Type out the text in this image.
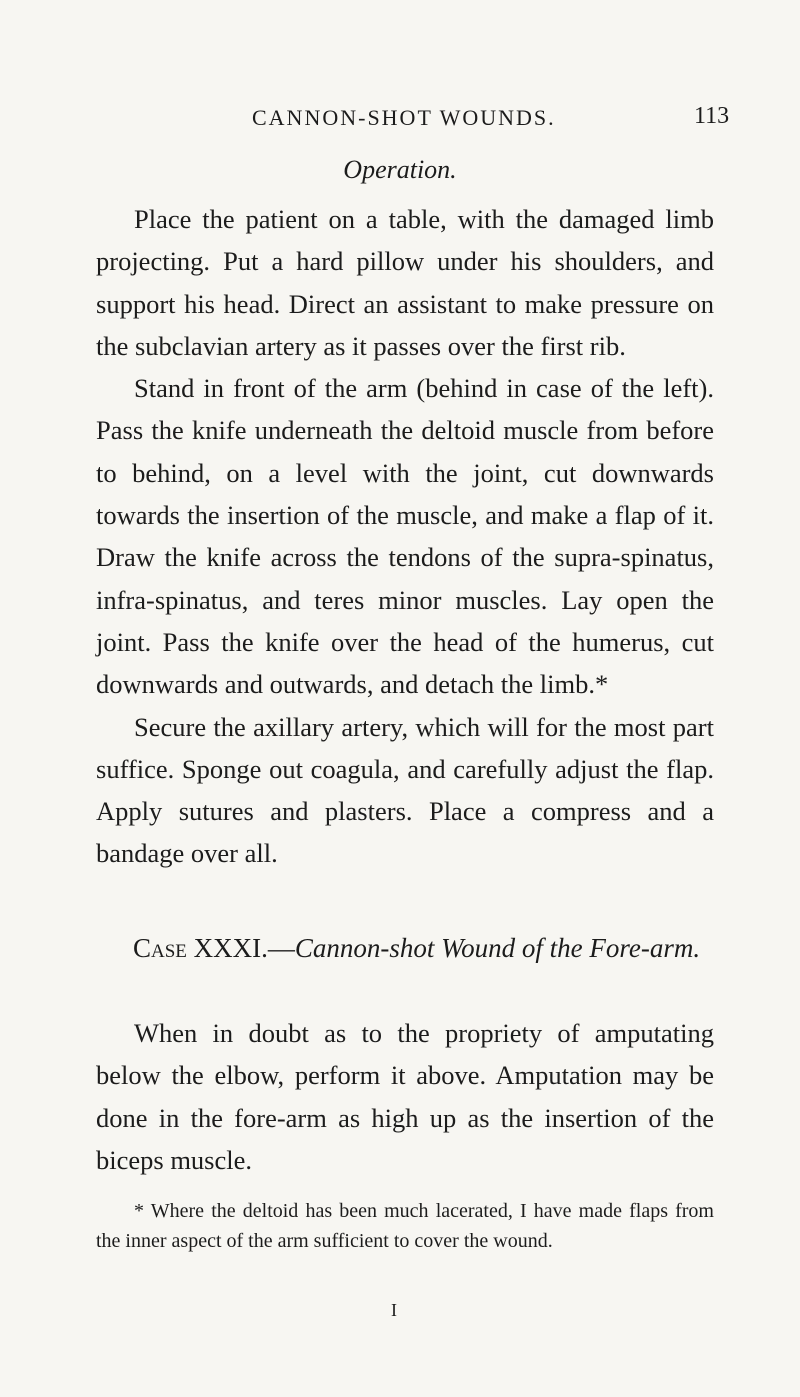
CANNON-SHOT WOUNDS.	113
Operation.

Place the patient on a table, with the damaged limb projecting. Put a hard pillow under his shoulders, and support his head. Direct an assistant to make pressure on the subclavian artery as it passes over the first rib.

Stand in front of the arm (behind in case of the left). Pass the knife underneath the deltoid muscle from before to behind, on a level with the joint, cut downwards towards the insertion of the muscle, and make a flap of it. Draw the knife across the tendons of the supra-spinatus, infra-spinatus, and teres minor muscles. Lay open the joint. Pass the knife over the head of the humerus, cut downwards and outwards, and detach the limb.*

Secure the axillary artery, which will for the most part suffice. Sponge out coagula, and carefully adjust the flap. Apply sutures and plasters. Place a compress and a bandage over all.

Case XXXI.—Cannon-shot Wound of the Fore-arm.

When in doubt as to the propriety of amputating below the elbow, perform it above. Amputation may be done in the fore-arm as high up as the insertion of the biceps muscle.

* Where the deltoid has been much lacerated, I have made flaps from the inner aspect of the arm sufficient to cover the wound.

I
